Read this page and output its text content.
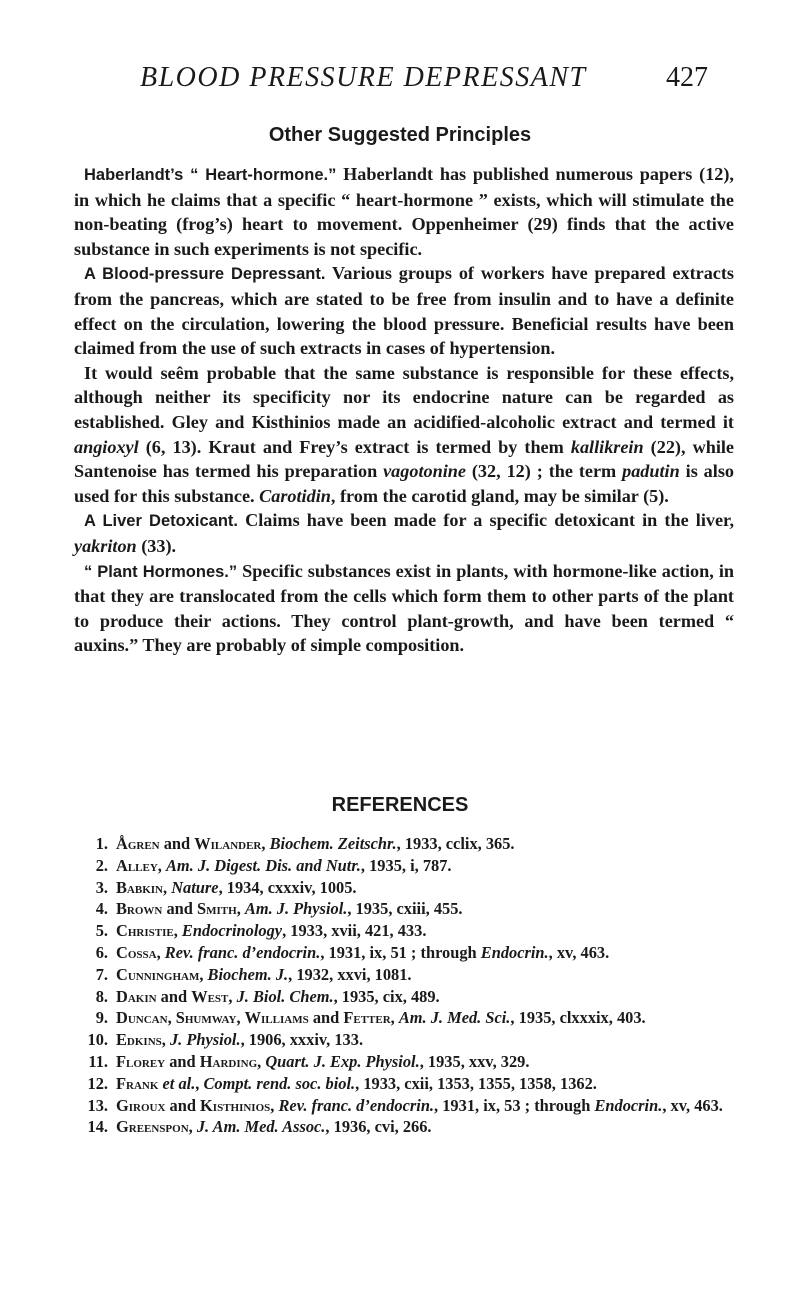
BLOOD PRESSURE DEPRESSANT	427
Other Suggested Principles

Haberlandt’s “ Heart-hormone.” Haberlandt has published numerous papers (12), in which he claims that a specific “ heart-hormone ” exists, which will stimulate the non-beating (frog’s) heart to movement. Oppenheimer (29) finds that the active substance in such experiments is not specific.

A Blood-pressure Depressant. Various groups of workers have prepared extracts from the pancreas, which are stated to be free from insulin and to have a definite effect on the circulation, lowering the blood pressure. Beneficial results have been claimed from the use of such extracts in cases of hypertension.

It would seêm probable that the same substance is responsible for these effects, although neither its specificity nor its endocrine nature can be regarded as established. Gley and Kisthinios made an acidified-alcoholic extract and termed it angioxyl (6, 13). Kraut and Frey’s extract is termed by them kallikrein (22), while Santenoise has termed his preparation vagotonine (32, 12) ; the term padutin is also used for this substance. Carotidin, from the carotid gland, may be similar (5).

A Liver Detoxicant. Claims have been made for a specific detoxicant in the liver, yakriton (33).

“ Plant Hormones.” Specific substances exist in plants, with hormone-like action, in that they are translocated from the cells which form them to other parts of the plant to produce their actions. They control plant-growth, and have been termed “ auxins.” They are probably of simple composition.

REFERENCES
1. Ågren and Wilander, Biochem. Zeitschr., 1933, cclix, 365.
2. Alley, Am. J. Digest. Dis. and Nutr., 1935, i, 787.
3. Babkin, Nature, 1934, cxxxiv, 1005.
4. Brown and Smith, Am. J. Physiol., 1935, cxiii, 455.
5. Christie, Endocrinology, 1933, xvii, 421, 433.
6. Cossa, Rev. franc. d’endocrin., 1931, ix, 51 ; through Endocrin., xv, 463.
7. Cunningham, Biochem. J., 1932, xxvi, 1081.
8. Dakin and West, J. Biol. Chem., 1935, cix, 489.
9. Duncan, Shumway, Williams and Fetter, Am. J. Med. Sci., 1935, clxxxix, 403.
10. Edkins, J. Physiol., 1906, xxxiv, 133.
11. Florey and Harding, Quart. J. Exp. Physiol., 1935, xxv, 329.
12. Frank et al., Compt. rend. soc. biol., 1933, cxii, 1353, 1355, 1358, 1362.
13. Giroux and Kisthinios, Rev. franc. d’endocrin., 1931, ix, 53 ; through Endocrin., xv, 463.
14. Greenspon, J. Am. Med. Assoc., 1936, cvi, 266.
